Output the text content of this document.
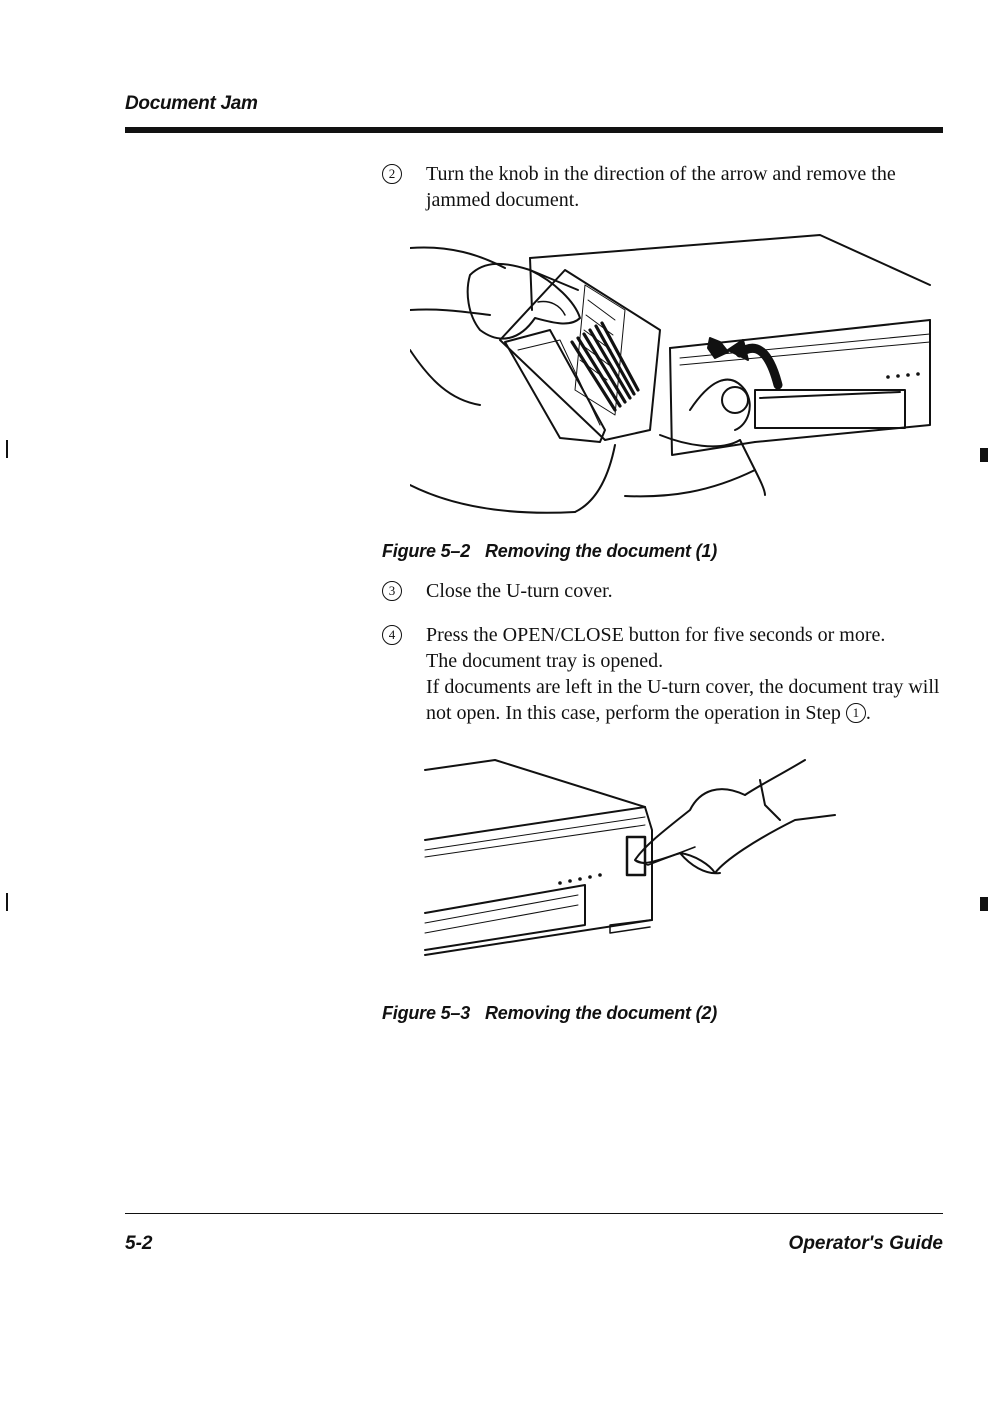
Document Jam
2	Turn the knob in the direction of the arrow and remove the jammed document.

Figure 5–2 Removing the document (1)
3	Close the U-turn cover.

4	Press the OPEN/CLOSE button for five seconds or more.

The document tray is opened.

If documents are left in the U-turn cover, the document tray will not open. In this case, perform the operation in Step 1 .

Figure 5–3 Removing the document (2)
5-2	Operator's Guide
